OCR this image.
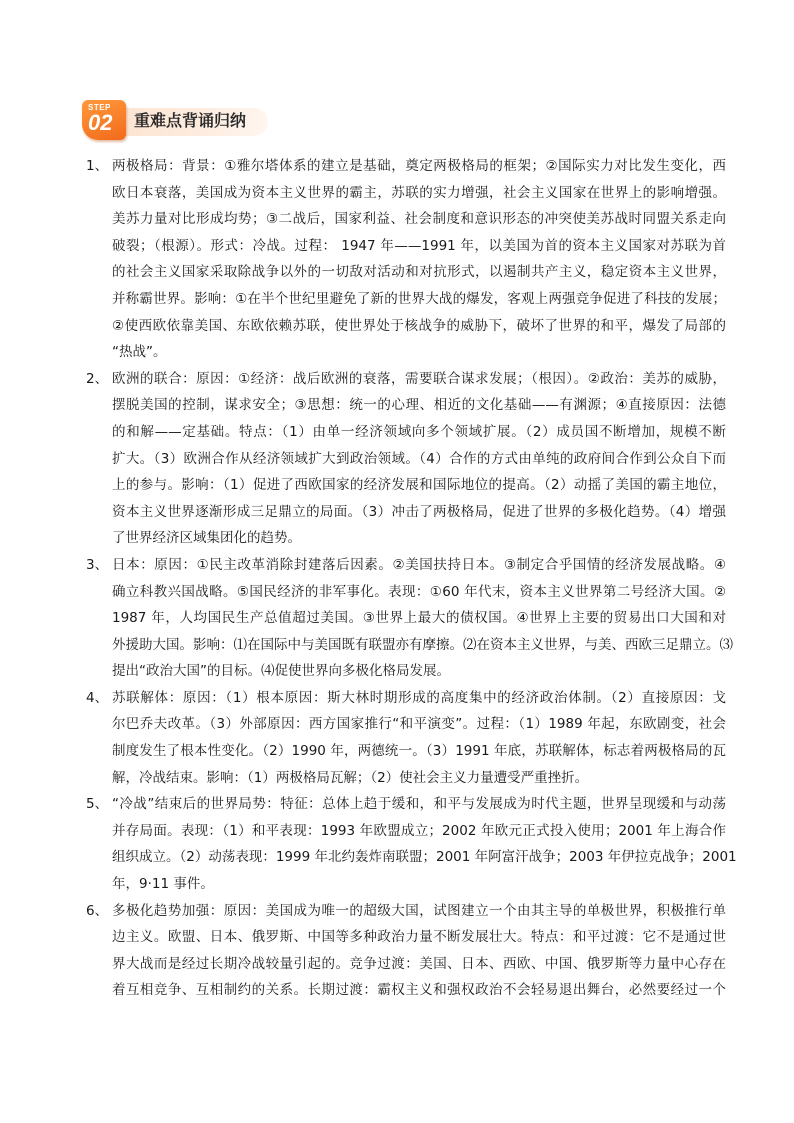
STEP
02 重难点背诵归纳
1、 两极格局：背景：①雅尔塔体系的建立是基础，奠定两极格局的框架；②国际实力对比发生变化，西
欧日本衰落，美国成为资本主义世界的霸主，苏联的实力增强，社会主义国家在世界上的影响增强。
美苏力量对比形成均势；③二战后，国家利益、社会制度和意识形态的冲突使美苏战时同盟关系走向
破裂；（根源）。形式：冷战。过程： 1947 年——1991 年，以美国为首的资本主义国家对苏联为首
的社会主义国家采取除战争以外的一切敌对活动和对抗形式，以遏制共产主义，稳定资本主义世界，
并称霸世界。影响：①在半个世纪里避免了新的世界大战的爆发，客观上两强竞争促进了科技的发展；
②使西欧依靠美国、东欧依赖苏联，使世界处于核战争的威胁下，破坏了世界的和平，爆发了局部的
“热战”。
2、 欧洲的联合：原因：①经济：战后欧洲的衰落，需要联合谋求发展；（根因）。②政治：美苏的威胁，
摆脱美国的控制，谋求安全；③思想：统一的心理、相近的文化基础——有渊源；④直接原因：法德
的和解——定基础。特点：（1）由单一经济领域向多个领域扩展。（2）成员国不断增加，规模不断
扩大。（3）欧洲合作从经济领域扩大到政治领域。（4）合作的方式由单纯的政府间合作到公众自下而
上的参与。影响：（1）促进了西欧国家的经济发展和国际地位的提高。（2）动摇了美国的霸主地位，
资本主义世界逐渐形成三足鼎立的局面。（3）冲击了两极格局，促进了世界的多极化趋势。（4）增强
了世界经济区域集团化的趋势。
3、 日本：原因：①民主改革消除封建落后因素。②美国扶持日本。③制定合乎国情的经济发展战略。④
确立科教兴国战略。⑤国民经济的非军事化。表现：①60 年代末，资本主义世界第二号经济大国。②
1987 年，人均国民生产总值超过美国。③世界上最大的债权国。④世界上主要的贸易出口大国和对
外援助大国。影响：⑴在国际中与美国既有联盟亦有摩擦。⑵在资本主义世界，与美、西欧三足鼎立。⑶
提出“政治大国”的目标。⑷促使世界向多极化格局发展。
4、 苏联解体：原因：（1）根本原因：斯大林时期形成的高度集中的经济政治体制。（2）直接原因：戈
尔巴乔夫改革。（3）外部原因：西方国家推行“和平演变”。过程：（1）1989 年起，东欧剧变，社会
制度发生了根本性变化。（2）1990 年，两德统一。（3）1991 年底，苏联解体，标志着两极格局的瓦
解，冷战结束。影响：（1）两极格局瓦解；（2）使社会主义力量遭受严重挫折。
5、 “冷战”结束后的世界局势：特征：总体上趋于缓和，和平与发展成为时代主题，世界呈现缓和与动荡
并存局面。表现：（1）和平表现：1993 年欧盟成立；2002 年欧元正式投入使用；2001 年上海合作
组织成立。（2）动荡表现：1999 年北约轰炸南联盟；2001 年阿富汗战争；2003 年伊拉克战争；2001
年，9·11 事件。
6、 多极化趋势加强：原因：美国成为唯一的超级大国，试图建立一个由其主导的单极世界，积极推行单
边主义。欧盟、日本、俄罗斯、中国等多种政治力量不断发展壮大。特点：和平过渡：它不是通过世
界大战而是经过长期冷战较量引起的。竞争过渡：美国、日本、西欧、中国、俄罗斯等力量中心存在
着互相竞争、互相制约的关系。长期过渡：霸权主义和强权政治不会轻易退出舞台，必然要经过一个
